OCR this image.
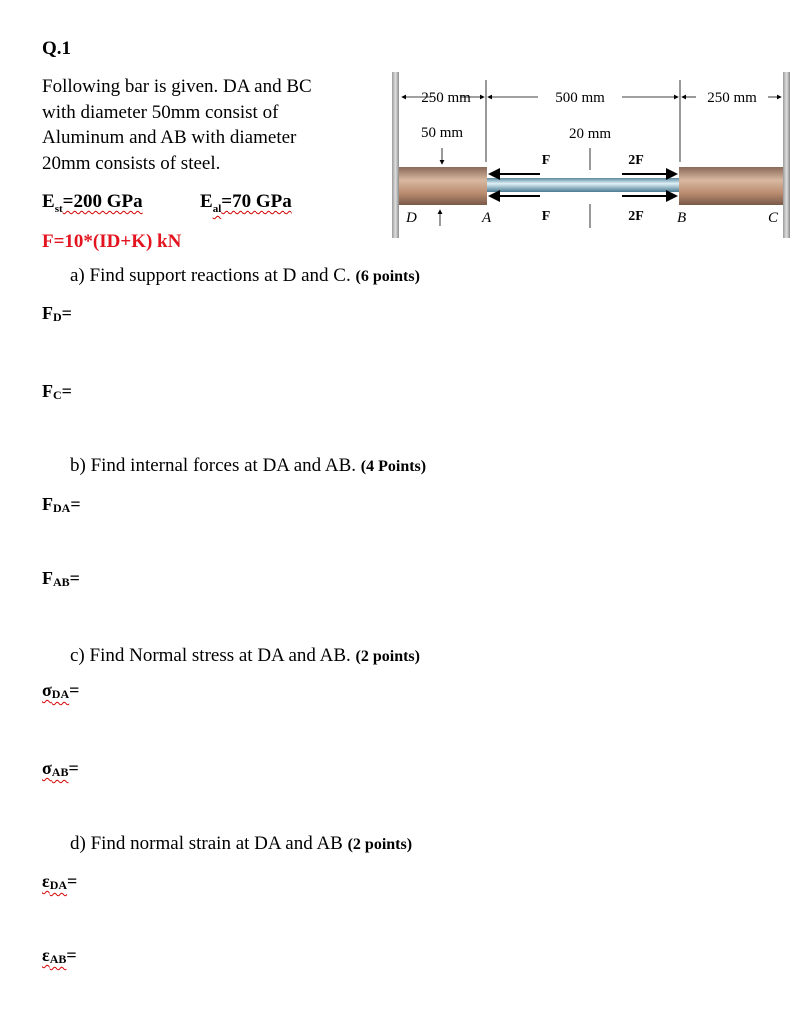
Q.1
Following bar is given. DA and BC
with diameter 50mm consist of
Aluminum and AB with diameter
20mm consists of steel.
$E_{st}=200$ GPa	$E_{al}=70$ GPa
F=10*(ID+K) kN
250 mm	500 mm	250 mm
50 mm	20 mm
F	2F
F	2F
D	A	B	C
a) Find support reactions at D and C. (6 points)
$F_D=$
$F_C=$
b) Find internal forces at DA and AB. (4 Points)
$F_{DA}=$
$F_{AB}=$
c) Find Normal stress at DA and AB. (2 points)
$\sigma_{DA}=$
$\sigma_{AB}=$
d) Find normal strain at DA and AB (2 points)
$\varepsilon_{DA}=$
$\varepsilon_{AB}=$
